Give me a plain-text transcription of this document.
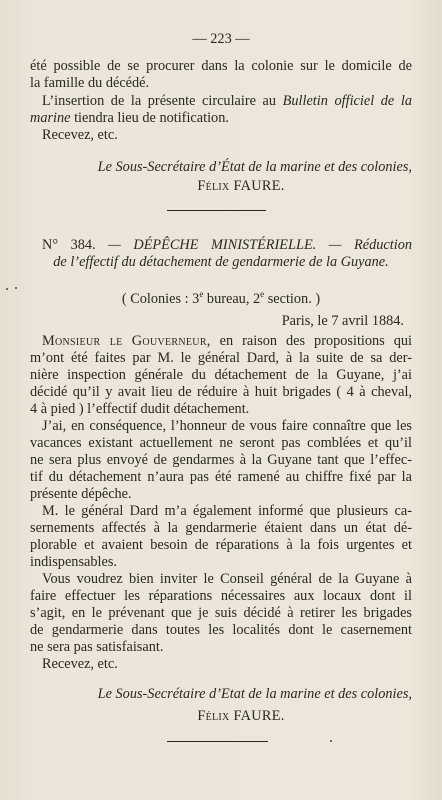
— 223 —
été possible de se procurer dans la colonie sur le domicile de
la famille du décédé.
L’insertion de la présente circulaire au Bulletin officiel de la
marine tiendra lieu de notification.
Recevez, etc.
Le Sous-Secrétaire d’État de la marine et des colonies,
Félix FAURE.
N° 384. — DÉPÊCHE MINISTÉRIELLE. — Réduction
de l’effectif du détachement de gendarmerie de la Guyane.
( Colonies : 3e bureau, 2e section. )
Paris, le 7 avril 1884.
Monsieur le Gouverneur, en raison des propositions qui
m’ont été faites par M. le général Dard, à la suite de sa der-
nière inspection générale du détachement de la Guyane, j’ai
décidé qu’il y avait lieu de réduire à huit brigades ( 4 à cheval,
4 à pied ) l’effectif dudit détachement.
J’ai, en conséquence, l’honneur de vous faire connaître que les
vacances existant actuellement ne seront pas comblées et qu’il
ne sera plus envoyé de gendarmes à la Guyane tant que l’effec-
tif du détachement n’aura pas été ramené au chiffre fixé par la
présente dépêche.
M. le général Dard m’a également informé que plusieurs ca-
sernements affectés à la gendarmerie étaient dans un état dé-
plorable et avaient besoin de réparations à la fois urgentes et
indispensables.
Vous voudrez bien inviter le Conseil général de la Guyane à
faire effectuer les réparations nécessaires aux locaux dont il
s’agit, en le prévenant que je suis décidé à retirer les brigades
de gendarmerie dans toutes les localités dont le casernement
ne sera pas satisfaisant.
Recevez, etc.
Le Sous-Secrétaire d’Etat de la marine et des colonies,
Félix FAURE.
